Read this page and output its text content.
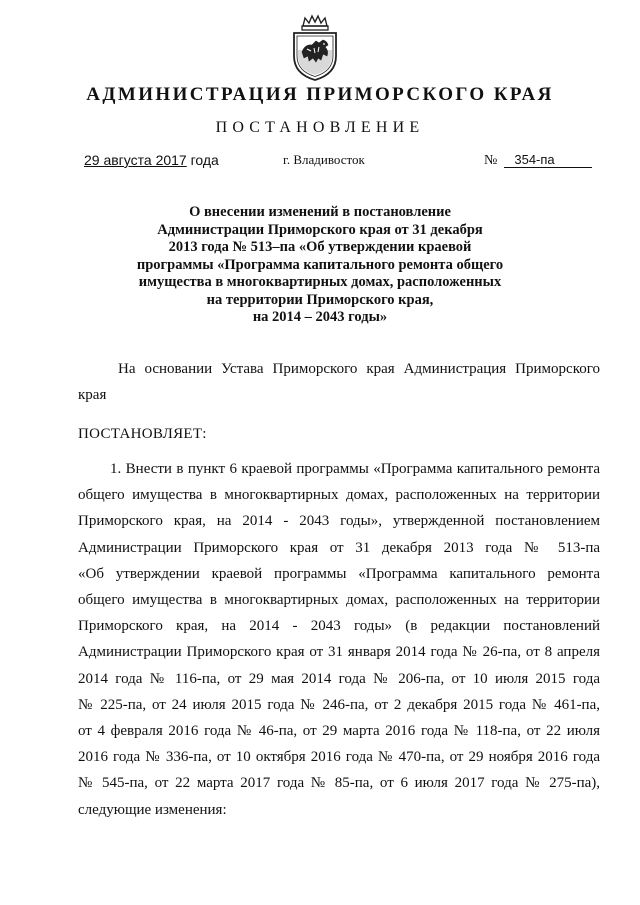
АДМИНИСТРАЦИЯ ПРИМОРСКОГО КРАЯ
ПОСТАНОВЛЕНИЕ
29 августа 2017 года	г. Владивосток	№ 354-па
О внесении изменений в постановление
Администрации Приморского края от 31 декабря
2013 года № 513–па «Об утверждении краевой
программы «Программа капитального ремонта общего
имущества в многоквартирных домах, расположенных
на территории Приморского края,
на 2014 – 2043 годы»
На основании Устава Приморского края Администрация Приморского
края
ПОСТАНОВЛЯЕТ:
1. Внести в пункт 6 краевой программы «Программа капитального ремонта
общего имущества в многоквартирных домах, расположенных на территории
Приморского края, на 2014 - 2043 годы», утвержденной постановлением
Администрации Приморского края от 31 декабря 2013 года № 513-па
«Об утверждении краевой программы «Программа капитального ремонта
общего имущества в многоквартирных домах, расположенных на территории
Приморского края, на 2014 - 2043 годы» (в редакции постановлений
Администрации Приморского края от 31 января 2014 года № 26-па, от 8 апреля
2014 года № 116-па, от 29 мая 2014 года № 206-па, от 10 июля 2015 года
№ 225-па, от 24 июля 2015 года № 246-па, от 2 декабря 2015 года № 461-па,
от 4 февраля 2016 года № 46-па, от 29 марта 2016 года № 118-па, от 22 июля
2016 года № 336-па, от 10 октября 2016 года № 470-па, от 29 ноября 2016 года
№ 545-па, от 22 марта 2017 года № 85-па, от 6 июля 2017 года № 275-па),
следующие изменения:
